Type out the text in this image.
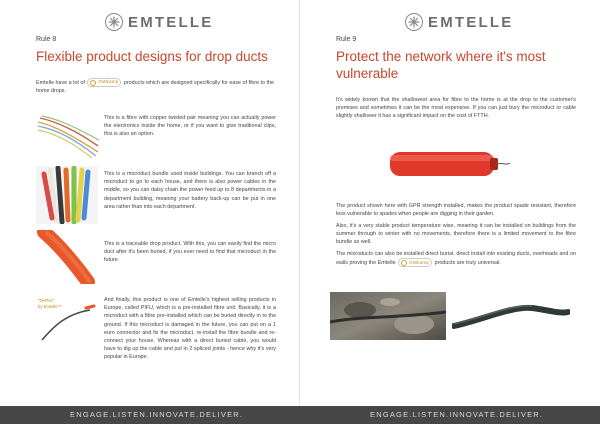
EMTELLE
Rule 8
Flexible product designs for drop ducts

Emtelle have a lot of	GWkamp products which are designed specifically for ease of fibre to the home drops.

This is a fibre with copper twisted pair meaning you can actually power the electronics inside the home, or if you want to give traditional clips, this is also an option.

This is a microduct bundle used inside buildings. You can branch off a microduct to go to each house, and there is also power cables in the middle, so you can daisy chain the power feed up to 8 departments in a department building, meaning your battery back-up can be put in one area rather than into each department.

This is a traceable drop product. With this, you can easily find the micro duct after it's been buried, if you ever need to find that microduct in the future.

"DirFlex"
by Emtelle™

And finally, this product is one of Emtelle's highest selling products in Europe, called PIFU, which is a pre-installed fibre unit. Basically, it is a microduct with a fibre pre-installed which can be buried directly in to the ground. If this microduct is damaged in the future, you can put on a 1 euro connector and fix the microduct, re-install the fibre bundle and re-connect your house. Whereas with a direct buried cable, you would have to dig up the cable and put in 2 spliced joints - hence why it's very popular in Europe.

EMTELLE
Rule 9
Protect the network where it's most vulnerable

It's widely known that the shallowest area for fibre to the home is at the drop to the customer's premises and sometimes it can be the most expensive. If you can just bury the microduct or cable slightly shallower it has a significant impact on the cost of FTTH.

The product shown here with GPR strength installed, makes the product spade resistant, therefore less vulnerable to spades when people are digging in their garden.

Also, it's a very stable product temperature wise, meaning it can be installed on buildings from the summer through to winter with no movements, therefore there is a limited movement to the fibre bundle as well.

The microducts can also be installed direct burial, direct install into existing ducts, overheads and on walls proving the Emtelle	GWkamp products are truly universal.

ENGAGE.LISTEN.INNOVATE.DELIVER.	ENGAGE.LISTEN.INNOVATE.DELIVER.
